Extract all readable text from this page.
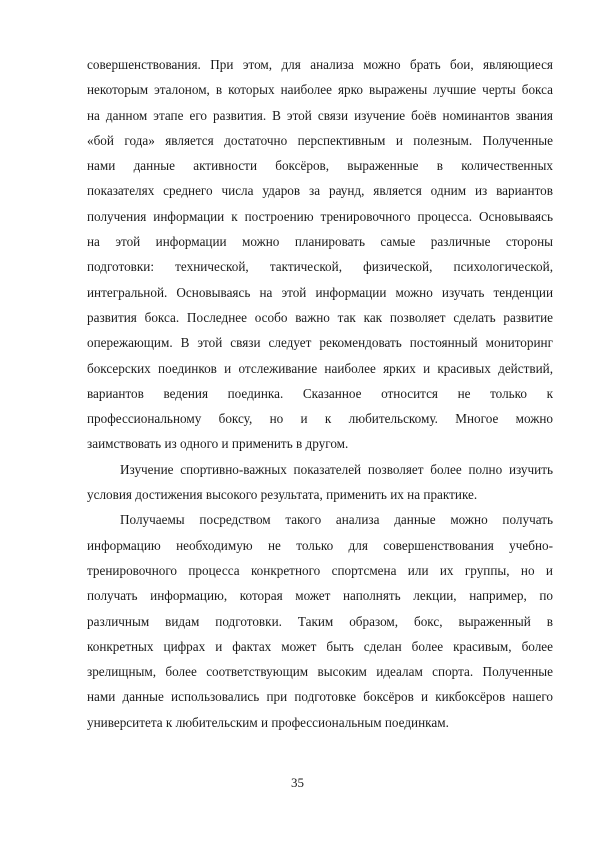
совершенствования. При этом, для анализа можно брать бои, являющиеся
некоторым эталоном, в которых наиболее ярко выражены лучшие черты бокса
на данном этапе его развития. В этой связи изучение боёв номинантов звания
«бой года» является достаточно перспективным и полезным. Полученные
нами данные активности боксёров, выраженные в количественных
показателях среднего числа ударов за раунд, является одним из вариантов
получения информации к построению тренировочного процесса. Основываясь
на этой информации можно планировать самые различные стороны
подготовки: технической, тактической, физической, психологической,
интегральной. Основываясь на этой информации можно изучать тенденции
развития бокса. Последнее особо важно так как позволяет сделать развитие
опережающим. В этой связи следует рекомендовать постоянный мониторинг
боксерских поединков и отслеживание наиболее ярких и красивых действий,
вариантов ведения поединка. Сказанное относится не только к
профессиональному боксу, но и к любительскому. Многое можно
заимствовать из одного и применить в другом.

Изучение спортивно-важных показателей позволяет более полно изучить
условия достижения высокого результата, применить их на практике.

Получаемы посредством такого анализа данные можно получать
информацию необходимую не только для совершенствования учебно-
тренировочного процесса конкретного спортсмена или их группы, но и
получать информацию, которая может наполнять лекции, например, по
различным видам подготовки. Таким образом, бокс, выраженный в
конкретных цифрах и фактах может быть сделан более красивым, более
зрелищным, более соответствующим высоким идеалам спорта. Полученные
нами данные использовались при подготовке боксёров и кикбоксёров нашего
университета к любительским и профессиональным поединкам.

35
